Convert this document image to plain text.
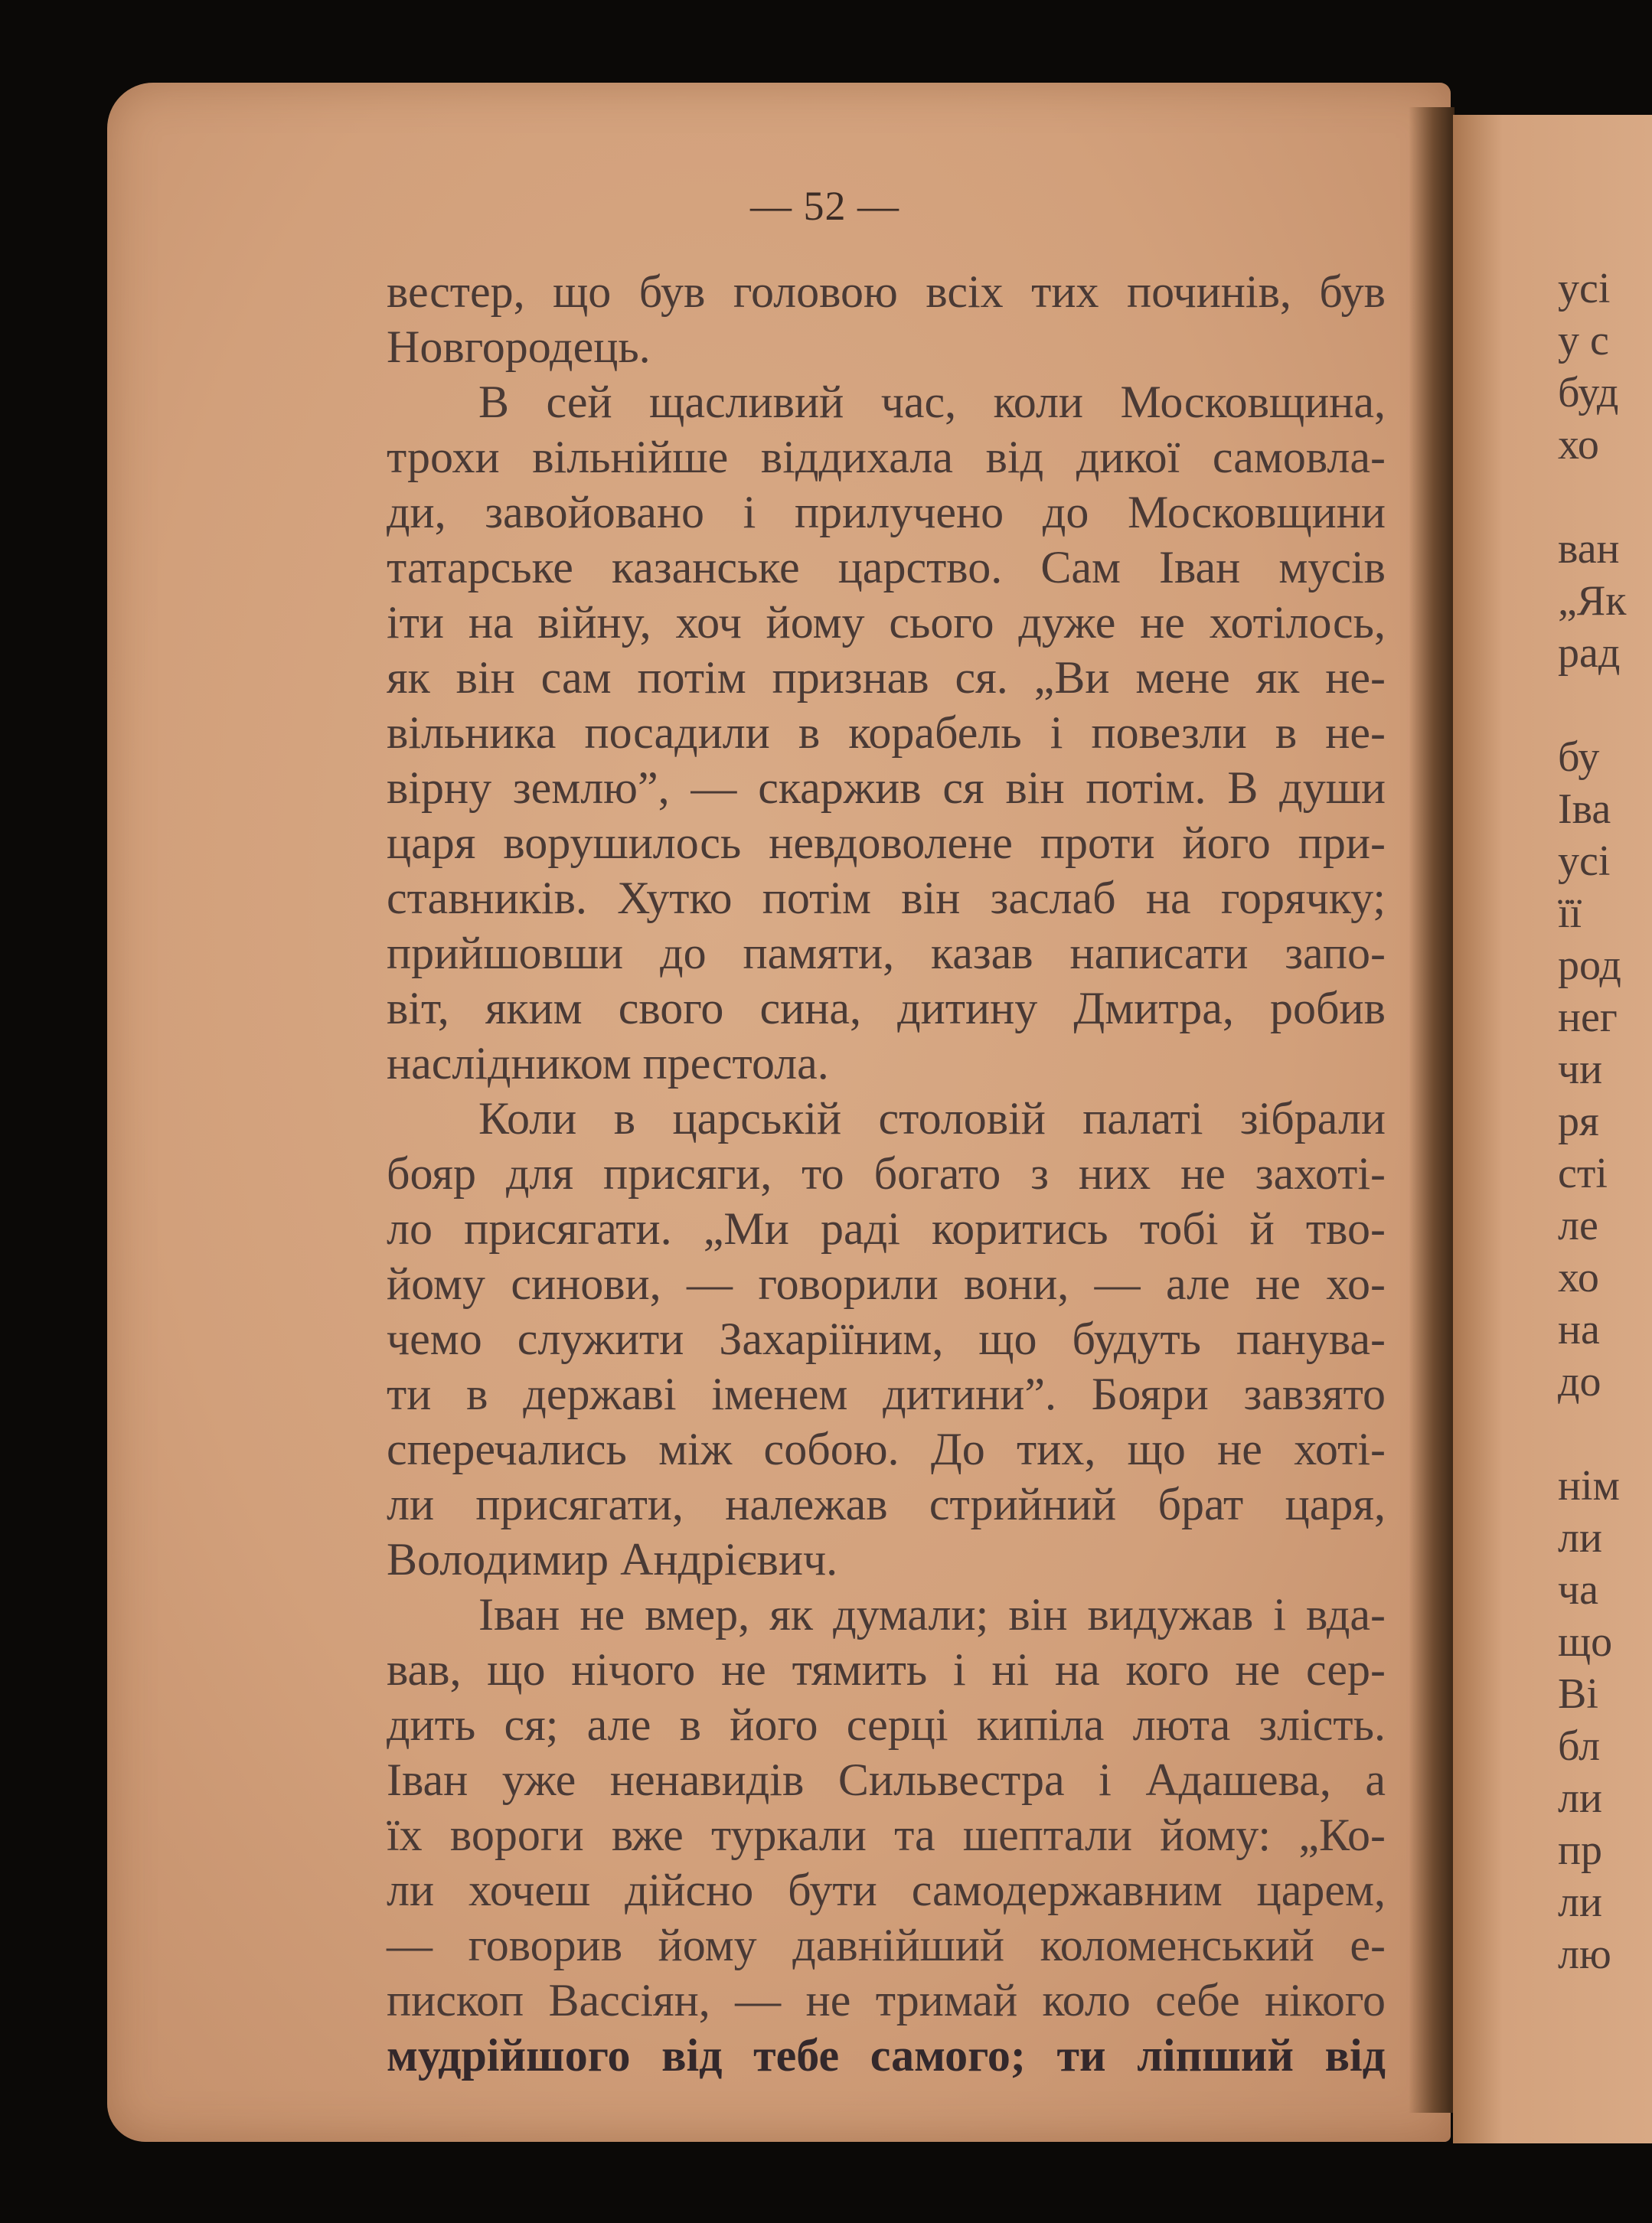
— 52 —
вестер, що був головою всіх тих починів, був
Новгородець.
В сей щасливий час, коли Московщина,
трохи вільнійше віддихала від дикої самовла-
ди, завойовано і прилучено до Московщини
татарське казанське царство. Сам Іван мусів
іти на війну, хоч йому сього дуже не хотілось,
як він сам потім признав ся. „Ви мене як не-
вільника посадили в корабель і повезли в не-
вірну землю”, — скаржив ся він потім. В души
царя ворушилось невдоволене проти його при-
ставників. Хутко потім він заслаб на горячку;
прийшовши до памяти, казав написати запо-
віт, яким свого сина, дитину Дмитра, робив
наслідником престола.
Коли в царській столовій палаті зібрали
бояр для присяги, то богато з них не захоті-
ло присягати. „Ми раді коритись тобі й тво-
йому синови, — говорили вони, — але не хо-
чемо служити Захаріїним, що будуть панува-
ти в державі іменем дитини”. Бояри завзято
сперечались між собою. До тих, що не хоті-
ли присягати, належав стрийний брат царя,
Володимир Андрієвич.
Іван не вмер, як думали; він видужав і вда-
вав, що нічого не тямить і ні на кого не сер-
дить ся; але в його серці кипіла люта злість.
Іван уже ненавидів Сильвестра і Адашева, а
їх вороги вже туркали та шептали йому: „Ко-
ли хочеш дійсно бути самодержавним царем,
— говорив йому давнійший коломенський е-
пископ Вассіян, — не тримай коло себе нікого
мудрійшого від тебе самого; ти ліпший від
усі
у с
буд
хо
ван
„Як
рад
бу
Іва
усі
її
род
нег
чи
ря
сті
ле
хо
на
до
нім
ли
ча
що
Ві
бл
ли
пр
ли
лю
